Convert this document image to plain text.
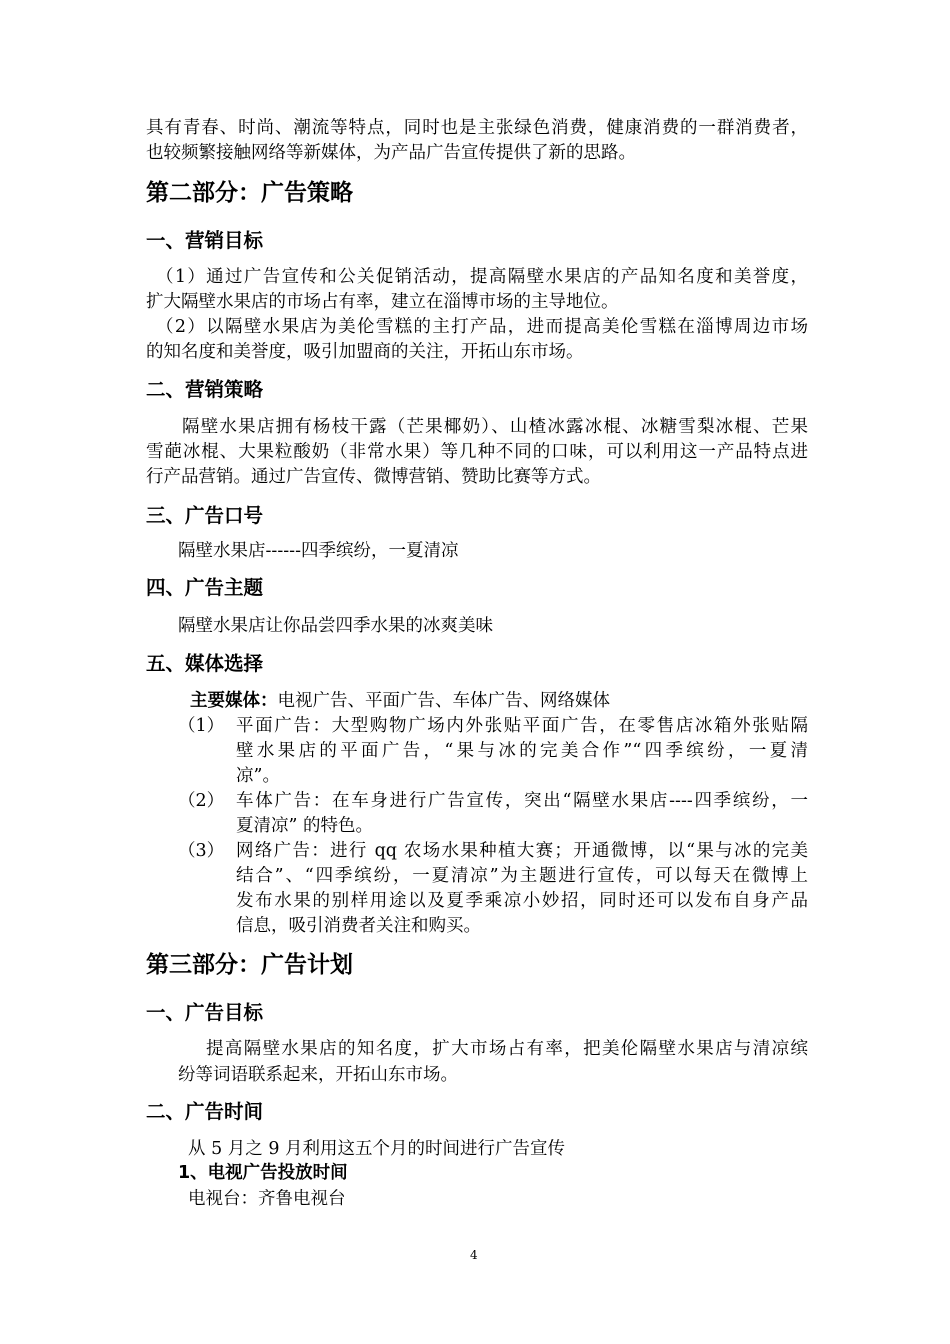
具有青春、时尚、潮流等特点，同时也是主张绿色消费，健康消费的一群消费者，
也较频繁接触网络等新媒体，为产品广告宣传提供了新的思路。
第二部分：广告策略
一、营销目标
（1）通过广告宣传和公关促销活动，提高隔壁水果店的产品知名度和美誉度，
扩大隔壁水果店的市场占有率，建立在淄博市场的主导地位。
（2）以隔壁水果店为美伦雪糕的主打产品，进而提高美伦雪糕在淄博周边市场
的知名度和美誉度，吸引加盟商的关注，开拓山东市场。
二、营销策略
隔壁水果店拥有杨枝干露（芒果椰奶）、山楂冰露冰棍、冰糖雪梨冰棍、芒果
雪葩冰棍、大果粒酸奶（非常水果）等几种不同的口味，可以利用这一产品特点进
行产品营销。通过广告宣传、微博营销、赞助比赛等方式。
三、广告口号
隔壁水果店------四季缤纷，一夏清凉
四、广告主题
隔壁水果店让你品尝四季水果的冰爽美味
五、媒体选择
主要媒体：电视广告、平面广告、车体广告、网络媒体
（1） 平面广告：大型购物广场内外张贴平面广告，在零售店冰箱外张贴隔
壁水果店的平面广告，“果与冰的完美合作”“四季缤纷，一夏清
凉”。
（2） 车体广告：在车身进行广告宣传，突出“隔壁水果店----四季缤纷，一
夏清凉” 的特色。
（3） 网络广告：进行 qq 农场水果种植大赛；开通微博，以“果与冰的完美
结合”、“四季缤纷，一夏清凉”为主题进行宣传，可以每天在微博上
发布水果的别样用途以及夏季乘凉小妙招，同时还可以发布自身产品
信息，吸引消费者关注和购买。
第三部分：广告计划
一、广告目标
提高隔壁水果店的知名度，扩大市场占有率，把美伦隔壁水果店与清凉缤
纷等词语联系起来，开拓山东市场。
二、广告时间
从 5 月之 9 月利用这五个月的时间进行广告宣传
1、电视广告投放时间
电视台：齐鲁电视台
4
